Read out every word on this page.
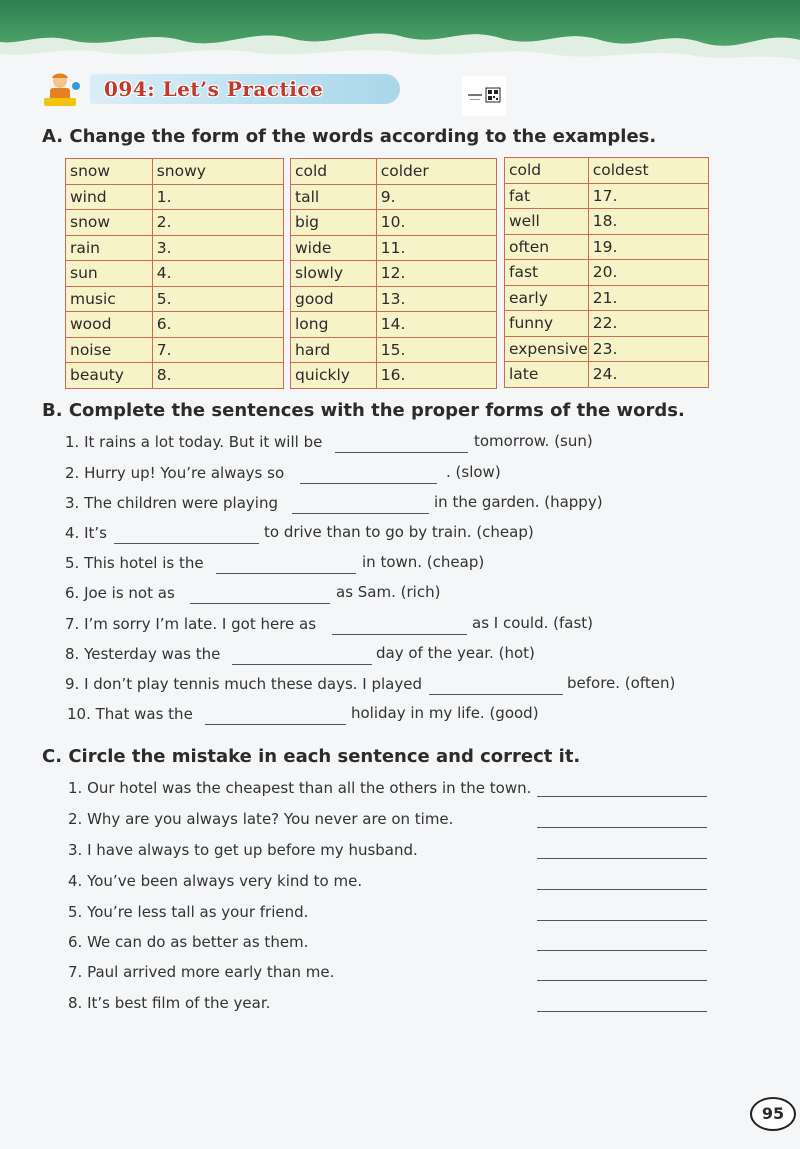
094: Let’s Practice
A. Change the form of the words according to the examples.
snow	snowy
wind	1.
snow	2.
rain	3.
sun	4.
music	5.
wood	6.
noise	7.
beauty	8.
cold	colder
tall	9.
big	10.
wide	11.
slowly	12.
good	13.
long	14.
hard	15.
quickly	16.
cold	coldest
fat	17.
well	18.
often	19.
fast	20.
early	21.
funny	22.
expensive	23.
late	24.
B. Complete the sentences with the proper forms of the words.
1. It rains a lot today. But it will be	tomorrow. (sun)
2. Hurry up! You’re always so	. (slow)
3. The children were playing	in the garden. (happy)
4. It’s	to drive than to go by train. (cheap)
5. This hotel is the	in town. (cheap)
6. Joe is not as	as Sam. (rich)
7. I’m sorry I’m late. I got here as	as I could. (fast)
8. Yesterday was the	day of the year. (hot)
9. I don’t play tennis much these days. I played	before. (often)
10. That was the	holiday in my life. (good)
C. Circle the mistake in each sentence and correct it.
1. Our hotel was the cheapest than all the others in the town.
2. Why are you always late? You never are on time.
3. I have always to get up before my husband.
4. You’ve been always very kind to me.
5. You’re less tall as your friend.
6. We can do as better as them.
7. Paul arrived more early than me.
8. It’s best film of the year.
95
